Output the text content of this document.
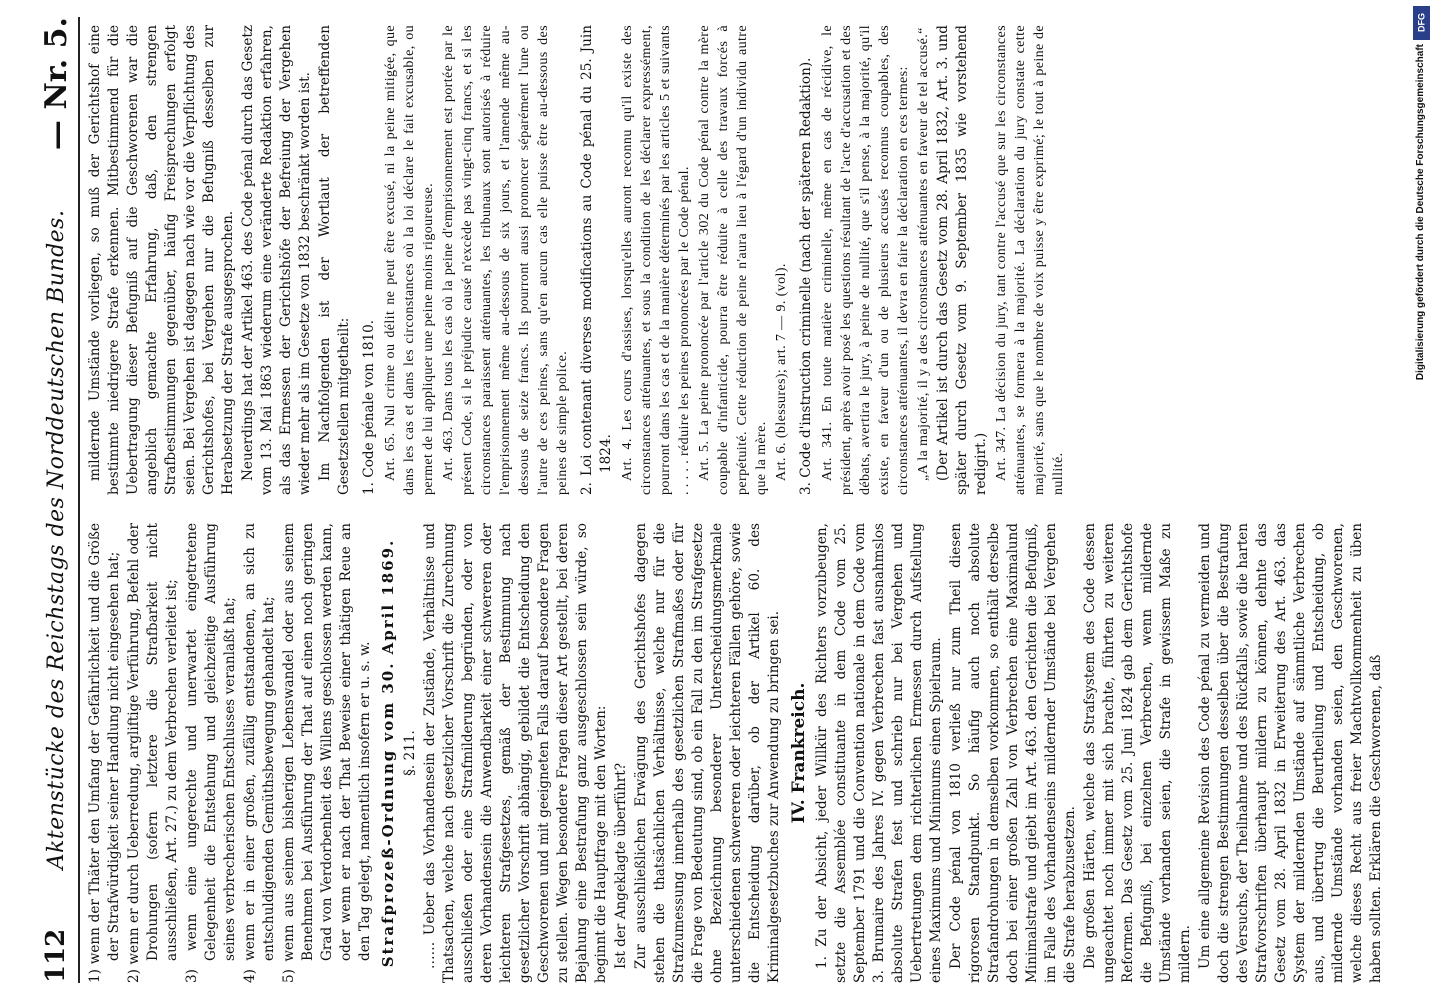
112
Aktenstücke des Reichstags des Norddeutschen Bundes.
— Nr. 5.

1) wenn der Thäter den Umfang der Gefährlichkeit und die Größe der Strafwürdigkeit seiner Handlung nicht eingesehen hat; 2) wenn er durch Ueberredung, argliftige Verführung, Befehl oder Drohungen (sofern letztere die Strafbarkeit nicht ausschließen, Art. 27.) zu dem Verbrechen verleitet ist; 3) wenn eine ungerechte und unerwartet eingetretene Gelegenheit die Entstehung und gleichzeitige Ausführung seines verbrecherischen Entschlusses veranlaßt hat; 4) wenn er in einer großen, zufällig entstandenen, an sich zu entschuldigenden Gemüthsbewegung gehandelt hat; 5) wenn aus seinem bisherigen Lebenswandel oder aus seinem Benehmen bei Ausführung der That auf einen noch geringen Grad von Verdorbenheit des Willens geschlossen werden kann, oder wenn er nach der That Beweise einer thätigen Reue an den Tag gelegt, namentlich insofern er u. s. w. Strafprozeß-Ordnung vom 30. April 1869. §. 211. …… Ueber das Vorhandensein der Zustände, Verhältnisse und Thatsachen, welche nach gesetzlicher Vorschrift die Zurechnung ausschließen oder eine Strafmilderung begründen, oder von deren Vorhandensein die Anwendbarkeit einer schwereren oder leichteren Strafgesetzes, gemäß der Bestimmung nach gesetzlicher Vorschrift abhängig, gebildet die Entscheidung den Geschworenen und mit geeigneten Falls darauf besondere Fragen zu stellen. Wegen besondere Fragen dieser Art gestellt, bei deren Bejahung eine Bestrafung ganz ausgeschlossen sein würde, so beginnt die Hauptfrage mit den Worten: Ist der Angeklagte überführt? Zur ausschließlichen Erwägung des Gerichtshofes dagegen stehen die thatsächlichen Verhältnisse, welche nur für die Strafzumessung innerhalb des gesetzlichen Strafmaßes oder für die Frage von Bedeutung sind, ob ein Fall zu den im Strafgesetze ohne Bezeichnung besonderer Unterscheidungsmerkmale unterschiedenen schwereren oder leichteren Fällen gehöre, sowie die Entscheidung darüber, ob der Artikel 60. des Kriminalgesetzbuches zur Anwendung zu bringen sei. IV. Frankreich. 1. Zu der Absicht, jeder Willkür des Richters vorzubeugen, setzte die Assemblée constituante in dem Code vom 25. September 1791 und die Convention nationale in dem Code vom 3. Brumaire des Jahres IV. gegen Verbrechen fast ausnahmslos absolute Strafen fest und schrieb nur bei Vergehen und Uebertretungen dem richterlichen Ermessen durch Aufstellung eines Maximums und Minimums einen Spielraum. Der Code pénal von 1810 verließ nur zum Theil diesen rigorosen Standpunkt. So häufig auch noch absolute Strafandrohungen in demselben vorkommen, so enthält derselbe doch bei einer großen Zahl von Verbrechen eine Maximalund Minimalstrafe und giebt im Art. 463. den Gerichten die Befugniß, im Falle des Vorhandenseins mildernder Umstände bei Vergehen die Strafe herabzusetzen. Die großen Härten, welche das Strafsystem des Code dessen ungeachtet noch immer mit sich brachte, führten zu weiteren Reformen. Das Gesetz vom 25. Juni 1824 gab dem Gerichtshofe die Befugniß, bei einzelnen Verbrechen, wenn mildernde Umstände vorhanden seien, die Strafe in gewissem Maße zu mildern. Um eine allgemeine Revision des Code pénal zu vermeiden und doch die strengen Bestimmungen desselben über die Bestrafung des Versuchs, der Theilnahme und des Rückfalls, sowie die harten Strafvorschriften überhaupt mildern zu können, dehnte das Gesetz vom 28. April 1832 in Erweiterung des Art. 463. das System der mildernden Umstände auf sämmtliche Verbrechen aus, und übertrug die Beurtheilung und Entscheidung, ob mildernde Umstände vorhanden seien, den Geschworenen, welche dieses Recht aus freier Machtvollkommenheit zu üben haben sollten. Erklären die Geschworenen, daß

mildernde Umstände vorliegen, so muß der Gerichtshof eine bestimmte niedrigere Strafe erkennen. Mitbestimmend für die Uebertragung dieser Befugniß auf die Geschworenen war die angeblich gemachte Erfahrung, daß, den strengen Strafbestimmungen gegenüber, häufig Freisprechungen erfolgt seien. Bei Vergehen ist dagegen nach wie vor die Verpflichtung des Gerichtshofes, bei Vergehen nur die Befugniß desselben zur Herabsetzung der Strafe ausgesprochen. Neuerdings hat der Artikel 463. des Code pénal durch das Gesetz vom 13. Mai 1863 wiederum eine veränderte Redaktion erfahren, als das Ermessen der Gerichtshöfe der Befreiung der Vergehen wieder mehr als im Gesetze von 1832 beschränkt worden ist. Im Nachfolgenden ist der Wortlaut der betreffenden Gesetzstellen mitgetheilt: 1. Code pénale von 1810. Art. 65. Nul crime ou délit ne peut être excusé, ni la peine mitigée, que dans les cas et dans les circonstances où la loi déclare le fait excusable, ou permet de lui appliquer une peine moins rigoureuse. Art. 463. Dans tous les cas où la peine d'emprisonnement est portée par le présent Code, si le préjudice causé n'excède pas vingt-cinq francs, et si les circonstances paraissent atténuantes, les tribunaux sont autorisés à réduire l'emprisonnement même au-dessous de six jours, et l'amende même au-dessous de seize francs. Ils pourront aussi prononcer séparément l'une ou l'autre de ces peines, sans qu'en aucun cas elle puisse être au-dessous des peines de simple police. 2. Loi contenant diverses modifications au Code pénal du 25. Juin 1824. Art. 4. Les cours d'assises, lorsqu'elles auront reconnu qu'il existe des circonstances atténuantes, et sous la condition de les déclarer expressément, pourront dans les cas et de la manière déterminés par les articles 5 et suivants . . . . . réduire les peines prononcées par le Code pénal. Art. 5. La peine prononcée par l'article 302 du Code pénal contre la mère coupable d'infanticide, pourra être réduite à celle des travaux forcés à perpétuité. Cette réduction de peine n'aura lieu à l'égard d'un individu autre que la mère. Art. 6. (blessures); art. 7 — 9. (vol). 3. Code d'instruction criminelle (nach der späteren Redaktion). Art. 341. En toute matière criminelle, même en cas de récidive, le président, après avoir posé les questions résultant de l'acte d'accusation et des débats, avertira le jury, à peine de nullité, que s'il pense, à la majorité, qu'il existe, en faveur d'un ou de plusieurs accusés reconnus coupables, des circonstances atténuantes, il devra en faire la déclaration en ces termes: „A la majorité, il y a des circonstances atténuantes en faveur de tel accusé.“ (Der Artikel ist durch das Gesetz vom 28. April 1832, Art. 3. und später durch Gesetz vom 9. September 1835 wie vorstehend redigirt.) Art. 347. La décision du jury, tant contre l'accusé que sur les circonstances atténuantes, se formera à la majorité. La déclaration du jury constate cette majorité, sans que le nombre de voix puisse y être exprimé; le tout à peine de nullité.

DFG
Digitalisierung gefördert durch die Deutsche Forschungsgemeinschaft
